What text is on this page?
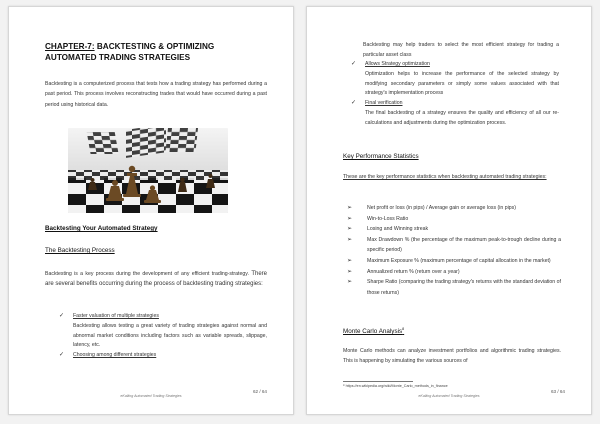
CHAPTER-7: BACKTESTING & OPTIMIZING AUTOMATED TRADING STRATEGIES
Backtesting is a computerized process that tests how a trading strategy has performed during a past period. This process involves reconstructing trades that would have occurred during a past period using historical data.
Backtesting Your Automated Strategy
The Backtesting Process
Backtesting is a key process during the development of any efficient trading-strategy. There are several benefits occurring during the process of backtesting trading strategies:
✓ Faster valuation of multiple strategies
Backtesting allows testing a great variety of trading strategies against normal and abnormal market conditions including factors such as variable spreads, slippage, latency, etc.
✓ Choosing among different strategies
62 / 64
eKalling Automated Trading Strategies
Backtesting may help traders to select the most efficient strategy for trading a particular asset class
✓ Allows Strategy optimization
Optimization helps to increase the performance of the selected strategy by modifying secondary parameters or simply some values associated with that strategy's implementation process
✓ Final verification
The final backtesting of a strategy ensures the quality and efficiency of all our re-calculations and adjustments during the optimization process.
Key Performance Statistics
These are the key performance statistics when backtesting automated trading strategies:
➢	Net profit or loss (in pips) / Average gain or average loss (in pips)
➢	Win-to-Loss Ratio
➢	Losing and Winning streak
➢	Max Drawdown % (the percentage of the maximum peak-to-trough decline during a specific period)
➢	Maximum Exposure % (maximum percentage of capital allocation in the market)
➢	Annualized return % (return over a year)
➢	Sharpe Ratio (comparing the trading strategy's returns with the standard deviation of those returns)
Monte Carlo Analysis$^8$
Monte Carlo methods can analyze investment portfolios and algorithmic trading strategies. This is happening by simulating the various sources of
⁸ https://en.wikipedia.org/wiki/Monte_Carlo_methods_in_finance
63 / 64
eKalling Automated Trading Strategies
